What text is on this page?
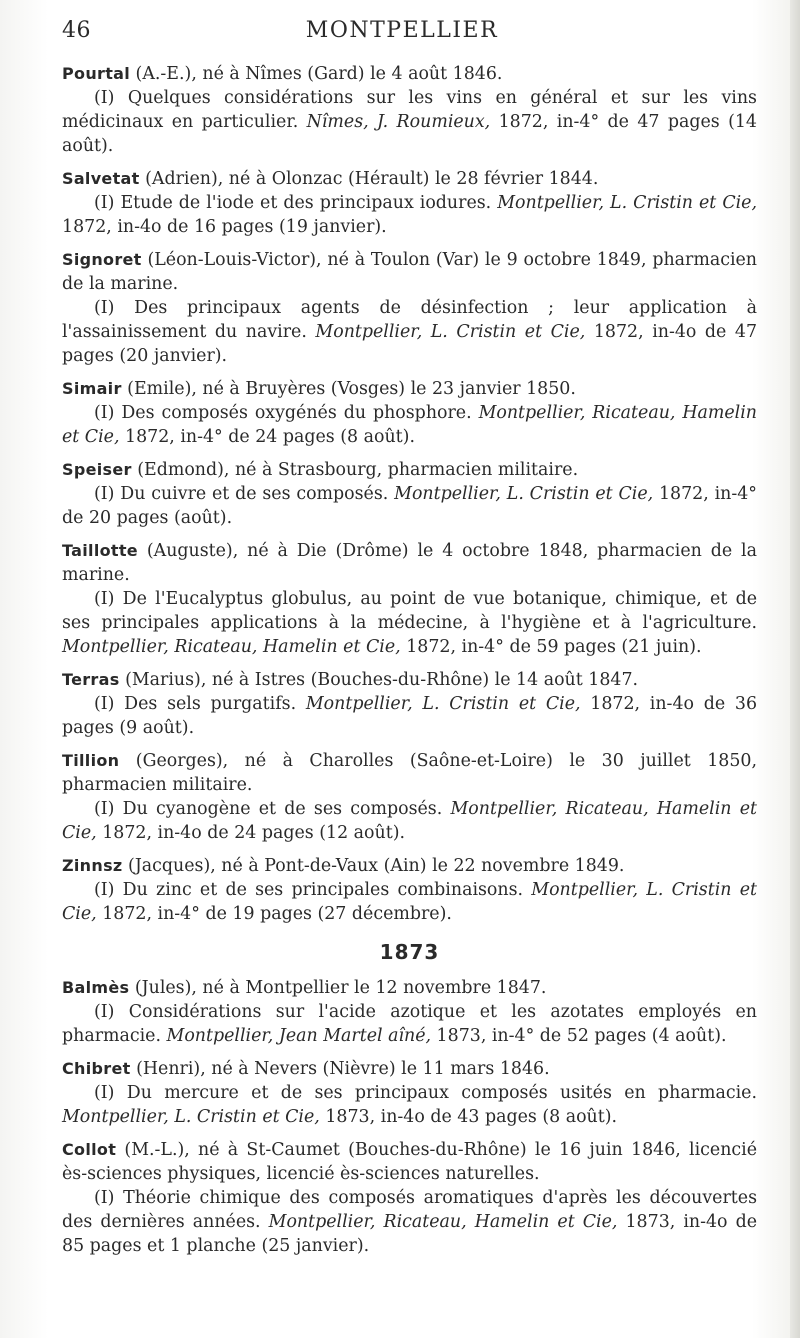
46	MONTPELLIER

Pourtal (A.-E.), né à Nîmes (Gard) le 4 août 1846.

(I) Quelques considérations sur les vins en général et sur les vins médicinaux en particulier. Nîmes, J. Roumieux, 1872, in-4° de 47 pages (14 août).

Salvetat (Adrien), né à Olonzac (Hérault) le 28 février 1844.

(I) Etude de l'iode et des principaux iodures. Montpellier, L. Cristin et Cie, 1872, in-4o de 16 pages (19 janvier).

Signoret (Léon-Louis-Victor), né à Toulon (Var) le 9 octobre 1849, pharmacien de la marine.

(I) Des principaux agents de désinfection ; leur application à l'assainissement du navire. Montpellier, L. Cristin et Cie, 1872, in-4o de 47 pages (20 janvier).

Simair (Emile), né à Bruyères (Vosges) le 23 janvier 1850.

(I) Des composés oxygénés du phosphore. Montpellier, Ricateau, Hamelin et Cie, 1872, in-4° de 24 pages (8 août).

Speiser (Edmond), né à Strasbourg, pharmacien militaire.

(I) Du cuivre et de ses composés. Montpellier, L. Cristin et Cie, 1872, in-4° de 20 pages (août).

Taillotte (Auguste), né à Die (Drôme) le 4 octobre 1848, pharmacien de la marine.

(I) De l'Eucalyptus globulus, au point de vue botanique, chimique, et de ses principales applications à la médecine, à l'hygiène et à l'agriculture. Montpellier, Ricateau, Hamelin et Cie, 1872, in-4° de 59 pages (21 juin).

Terras (Marius), né à Istres (Bouches-du-Rhône) le 14 août 1847.

(I) Des sels purgatifs. Montpellier, L. Cristin et Cie, 1872, in-4o de 36 pages (9 août).

Tillion (Georges), né à Charolles (Saône-et-Loire) le 30 juillet 1850, pharmacien militaire.

(I) Du cyanogène et de ses composés. Montpellier, Ricateau, Hamelin et Cie, 1872, in-4o de 24 pages (12 août).

Zinnsz (Jacques), né à Pont-de-Vaux (Ain) le 22 novembre 1849.

(I) Du zinc et de ses principales combinaisons. Montpellier, L. Cristin et Cie, 1872, in-4° de 19 pages (27 décembre).

1873

Balmès (Jules), né à Montpellier le 12 novembre 1847.

(I) Considérations sur l'acide azotique et les azotates employés en pharmacie. Montpellier, Jean Martel aîné, 1873, in-4° de 52 pages (4 août).

Chibret (Henri), né à Nevers (Nièvre) le 11 mars 1846.

(I) Du mercure et de ses principaux composés usités en pharmacie. Montpellier, L. Cristin et Cie, 1873, in-4o de 43 pages (8 août).

Collot (M.-L.), né à St-Caumet (Bouches-du-Rhône) le 16 juin 1846, licencié ès-sciences physiques, licencié ès-sciences naturelles.

(I) Théorie chimique des composés aromatiques d'après les découvertes des dernières années. Montpellier, Ricateau, Hamelin et Cie, 1873, in-4o de 85 pages et 1 planche (25 janvier).
